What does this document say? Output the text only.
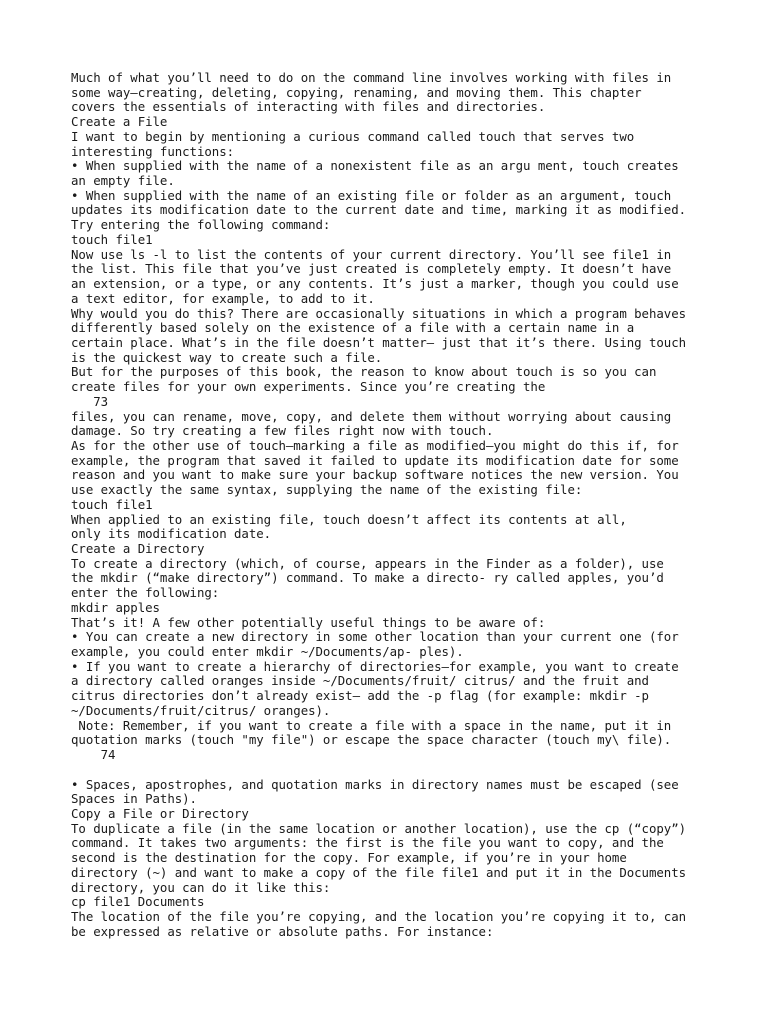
Much of what you’ll need to do on the command line involves working with files in
some way—creating, deleting, copying, renaming, and moving them. This chapter
covers the essentials of interacting with files and directories.
Create a File
I want to begin by mentioning a curious command called touch that serves two
interesting functions:
• When supplied with the name of a nonexistent file as an argu ment, touch creates
an empty file.
• When supplied with the name of an existing file or folder as an argument, touch
updates its modification date to the current date and time, marking it as modified.
Try entering the following command:
touch file1
Now use ls -l to list the contents of your current directory. You’ll see file1 in
the list. This file that you’ve just created is completely empty. It doesn’t have
an extension, or a type, or any contents. It’s just a marker, though you could use
a text editor, for example, to add to it.
Why would you do this? There are occasionally situations in which a program behaves
differently based solely on the existence of a file with a certain name in a
certain place. What’s in the file doesn’t matter— just that it’s there. Using touch
is the quickest way to create such a file.
But for the purposes of this book, the reason to know about touch is so you can
create files for your own experiments. Since you’re creating the
73
files, you can rename, move, copy, and delete them without worrying about causing
damage. So try creating a few files right now with touch.
As for the other use of touch—marking a file as modified—you might do this if, for
example, the program that saved it failed to update its modification date for some
reason and you want to make sure your backup software notices the new version. You
use exactly the same syntax, supplying the name of the existing file:
touch file1
When applied to an existing file, touch doesn’t affect its contents at all,
only its modification date.
Create a Directory
To create a directory (which, of course, appears in the Finder as a folder), use
the mkdir (“make directory”) command. To make a directo- ry called apples, you’d
enter the following:
mkdir apples
That’s it! A few other potentially useful things to be aware of:
• You can create a new directory in some other location than your current one (for
example, you could enter mkdir ~/Documents/ap- ples).
• If you want to create a hierarchy of directories—for example, you want to create
a directory called oranges inside ~/Documents/fruit/ citrus/ and the fruit and
citrus directories don’t already exist— add the -p flag (for example: mkdir -p
~/Documents/fruit/citrus/ oranges).
Note: Remember, if you want to create a file with a space in the name, put it in
quotation marks (touch "my file") or escape the space character (touch my\ file).
74
• Spaces, apostrophes, and quotation marks in directory names must be escaped (see
Spaces in Paths).
Copy a File or Directory
To duplicate a file (in the same location or another location), use the cp (“copy”)
command. It takes two arguments: the first is the file you want to copy, and the
second is the destination for the copy. For example, if you’re in your home
directory (~) and want to make a copy of the file file1 and put it in the Documents
directory, you can do it like this:
cp file1 Documents
The location of the file you’re copying, and the location you’re copying it to, can
be expressed as relative or absolute paths. For instance:
